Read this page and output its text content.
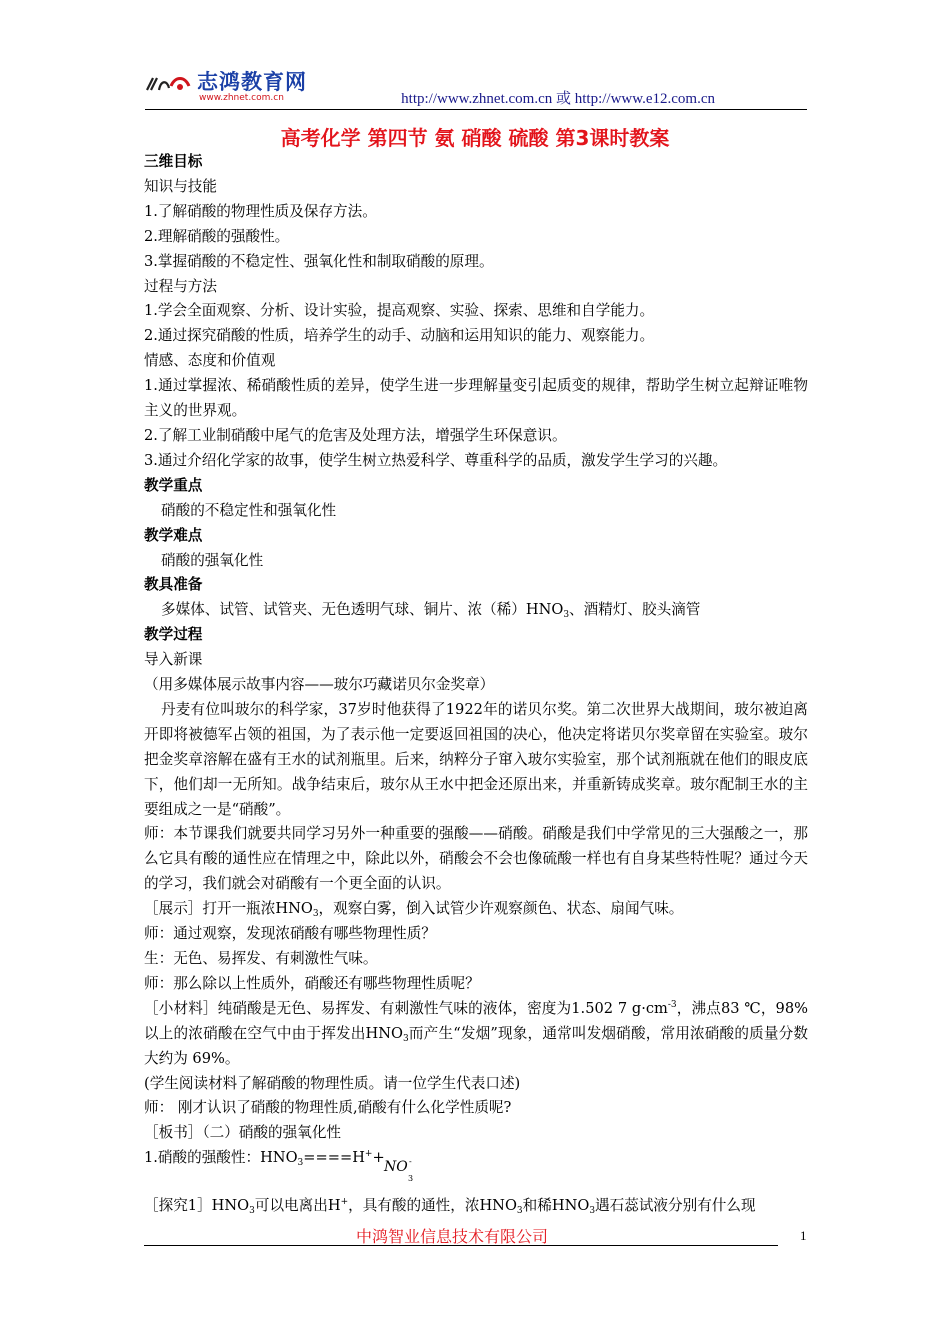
志鸿教育网
www.zhnet.com.cn	http://www.zhnet.com.cn 或 http://www.e12.com.cn
高考化学 第四节 氨 硝酸 硫酸 第3课时教案

三维目标

知识与技能

1.了解硝酸的物理性质及保存方法。

2.理解硝酸的强酸性。

3.掌握硝酸的不稳定性、强氧化性和制取硝酸的原理。

过程与方法

1.学会全面观察、分析、设计实验，提高观察、实验、探索、思维和自学能力。

2.通过探究硝酸的性质，培养学生的动手、动脑和运用知识的能力、观察能力。

情感、态度和价值观

1.通过掌握浓、稀硝酸性质的差异，使学生进一步理解量变引起质变的规律，帮助学生树立起辩证唯物主义的世界观。

2.了解工业制硝酸中尾气的危害及处理方法，增强学生环保意识。

3.通过介绍化学家的故事，使学生树立热爱科学、尊重科学的品质，激发学生学习的兴趣。

教学重点

硝酸的不稳定性和强氧化性

教学难点

硝酸的强氧化性

教具准备

多媒体、试管、试管夹、无色透明气球、铜片、浓（稀）$HNO_3$、酒精灯、胶头滴管

教学过程

导入新课

（用多媒体展示故事内容——玻尔巧藏诺贝尔金奖章）

丹麦有位叫玻尔的科学家，37岁时他获得了1922年的诺贝尔奖。第二次世界大战期间，玻尔被迫离开即将被德军占领的祖国，为了表示他一定要返回祖国的决心，他决定将诺贝尔奖章留在实验室。玻尔把金奖章溶解在盛有王水的试剂瓶里。后来，纳粹分子窜入玻尔实验室，那个试剂瓶就在他们的眼皮底下，他们却一无所知。战争结束后，玻尔从王水中把金还原出来，并重新铸成奖章。玻尔配制王水的主要组成之一是“硝酸”。

师：本节课我们就要共同学习另外一种重要的强酸——硝酸。硝酸是我们中学常见的三大强酸之一，那么它具有酸的通性应在情理之中，除此以外，硝酸会不会也像硫酸一样也有自身某些特性呢？通过今天的学习，我们就会对硝酸有一个更全面的认识。

［展示］打开一瓶浓$HNO_3$，观察白雾，倒入试管少许观察颜色、状态、扇闻气味。

师：通过观察，发现浓硝酸有哪些物理性质？

生：无色、易挥发、有刺激性气味。

师：那么除以上性质外，硝酸还有哪些物理性质呢？

［小材料］纯硝酸是无色、易挥发、有刺激性气味的液体，密度为1.502 7 $g\cdot cm^{-3}$，沸点83 ℃，98%以上的浓硝酸在空气中由于挥发出$HNO_3$而产生“发烟”现象，通常叫发烟硝酸，常用浓硝酸的质量分数大约为 69%。

(学生阅读材料了解硝酸的物理性质。请一位学生代表口述)

师： 刚才认识了硝酸的物理性质,硝酸有什么化学性质呢?

［板书］（二）硝酸的强氧化性

1.硝酸的强酸性：$HNO_3====H^++$
NO -
3

［探究$1]HNO_3$可以电离出H+，具有酸的通性，浓$HNO_3$和稀$HNO_3$遇石蕊试液分别有什么现

中鸿智业信息技术有限公司	1
